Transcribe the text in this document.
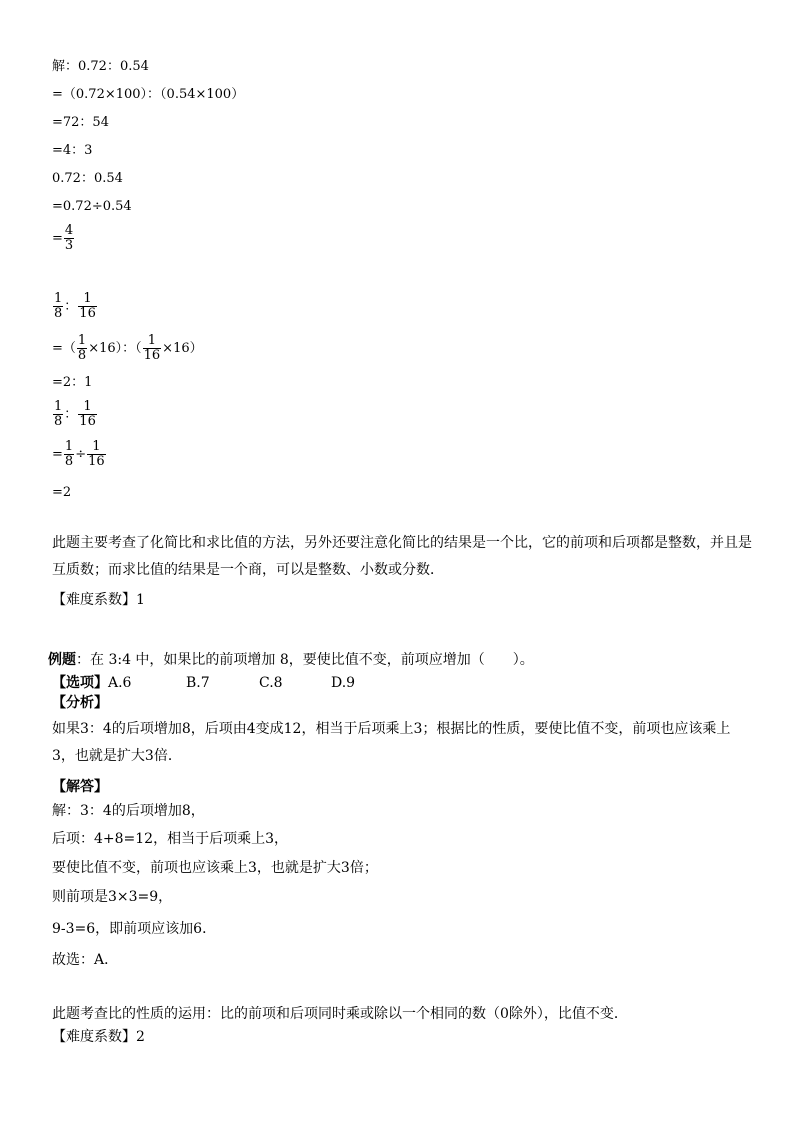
解：0.72：0.54
=（0.72×100）：（0.54×100）
=72：54
=4：3
0.72：0.54
=0.72÷0.54
= $\frac{4}{3}$
$\frac{1}{8}$ ： $\frac{1}{16}$
=（ $\frac{1}{8} \times 16$）：（ $\frac{1}{16} \times 16$）
=2：1
$\frac{1}{8}$ ： $\frac{1}{16}$
= $\frac{1}{8} \div \frac{1}{16}$
=2
此题主要考查了化简比和求比值的方法，另外还要注意化简比的结果是一个比，它的前项和后项都是整数，并且是互质数；而求比值的结果是一个商，可以是整数、小数或分数．
【难度系数】1
例题：在 3:4 中，如果比的前项增加 8，要使比值不变，前项应增加（　　）。
【选项】A.6	B.7	C.8	D.9
【分析】
如果3：4的后项增加8，后项由4变成12，相当于后项乘上3；根据比的性质，要使比值不变，前项也应该乘上3，也就是扩大3倍．
【解答】
解：3：4的后项增加8，
后项：4+8=12，相当于后项乘上3，
要使比值不变，前项也应该乘上3，也就是扩大3倍；
则前项是3×3=9，
9-3=6，即前项应该加6．
故选：A．
此题考查比的性质的运用：比的前项和后项同时乘或除以一个相同的数（0除外），比值不变．
【难度系数】2
